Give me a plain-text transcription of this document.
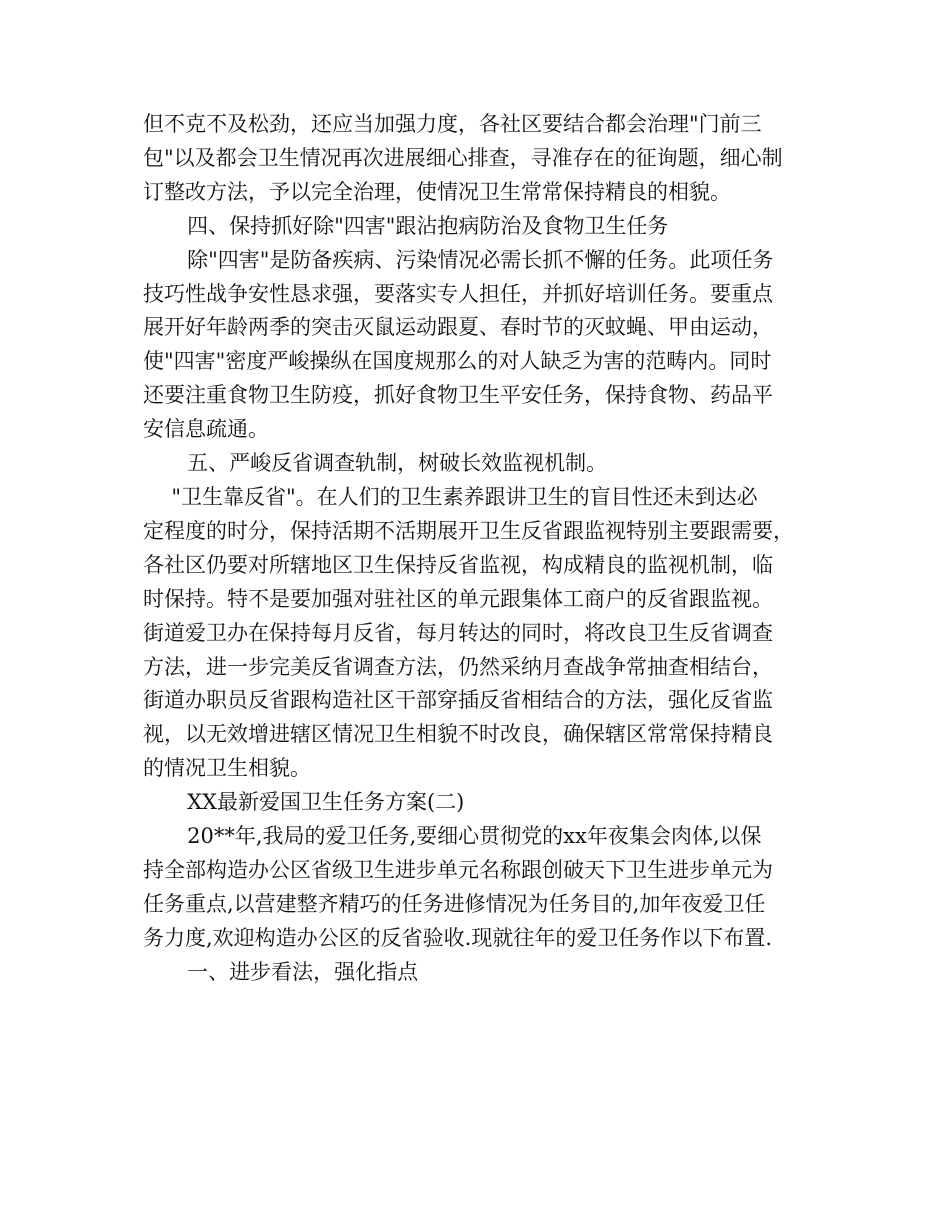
但不克不及松劲，还应当加强力度，各社区要结合都会治理"门前三
包"以及都会卫生情况再次进展细心排查，寻准存在的征询题，细心制
订整改方法，予以完全治理，使情况卫生常常保持精良的相貌。

四、保持抓好除"四害"跟沾抱病防治及食物卫生任务

除"四害"是防备疾病、污染情况必需长抓不懈的任务。此项任务
技巧性战争安性恳求强，要落实专人担任，并抓好培训任务。要重点
展开好年龄两季的突击灭鼠运动跟夏、春时节的灭蚊蝇、甲由运动，
使"四害"密度严峻操纵在国度规那么的对人缺乏为害的范畴内。同时
还要注重食物卫生防疫，抓好食物卫生平安任务，保持食物、药品平
安信息疏通。

五、严峻反省调查轨制，树破长效监视机制。

"卫生靠反省"。在人们的卫生素养跟讲卫生的盲目性还未到达必
定程度的时分，保持活期不活期展开卫生反省跟监视特别主要跟需要，
各社区仍要对所辖地区卫生保持反省监视，构成精良的监视机制，临
时保持。特不是要加强对驻社区的单元跟集体工商户的反省跟监视。
街道爱卫办在保持每月反省，每月转达的同时，将改良卫生反省调查
方法，进一步完美反省调查方法，仍然采纳月查战争常抽查相结台，
街道办职员反省跟构造社区干部穿插反省相结合的方法，强化反省监
视，以无效增进辖区情况卫生相貌不时改良，确保辖区常常保持精良
的情况卫生相貌。

XX最新爱国卫生任务方案(二)

20**年,我局的爱卫任务,要细心贯彻党的xx年夜集会肉体,以保
持全部构造办公区省级卫生进步单元名称跟创破天下卫生进步单元为
任务重点,以营建整齐精巧的任务进修情况为任务目的,加年夜爱卫任
务力度,欢迎构造办公区的反省验收.现就往年的爱卫任务作以下布置.

一、进步看法，强化指点
